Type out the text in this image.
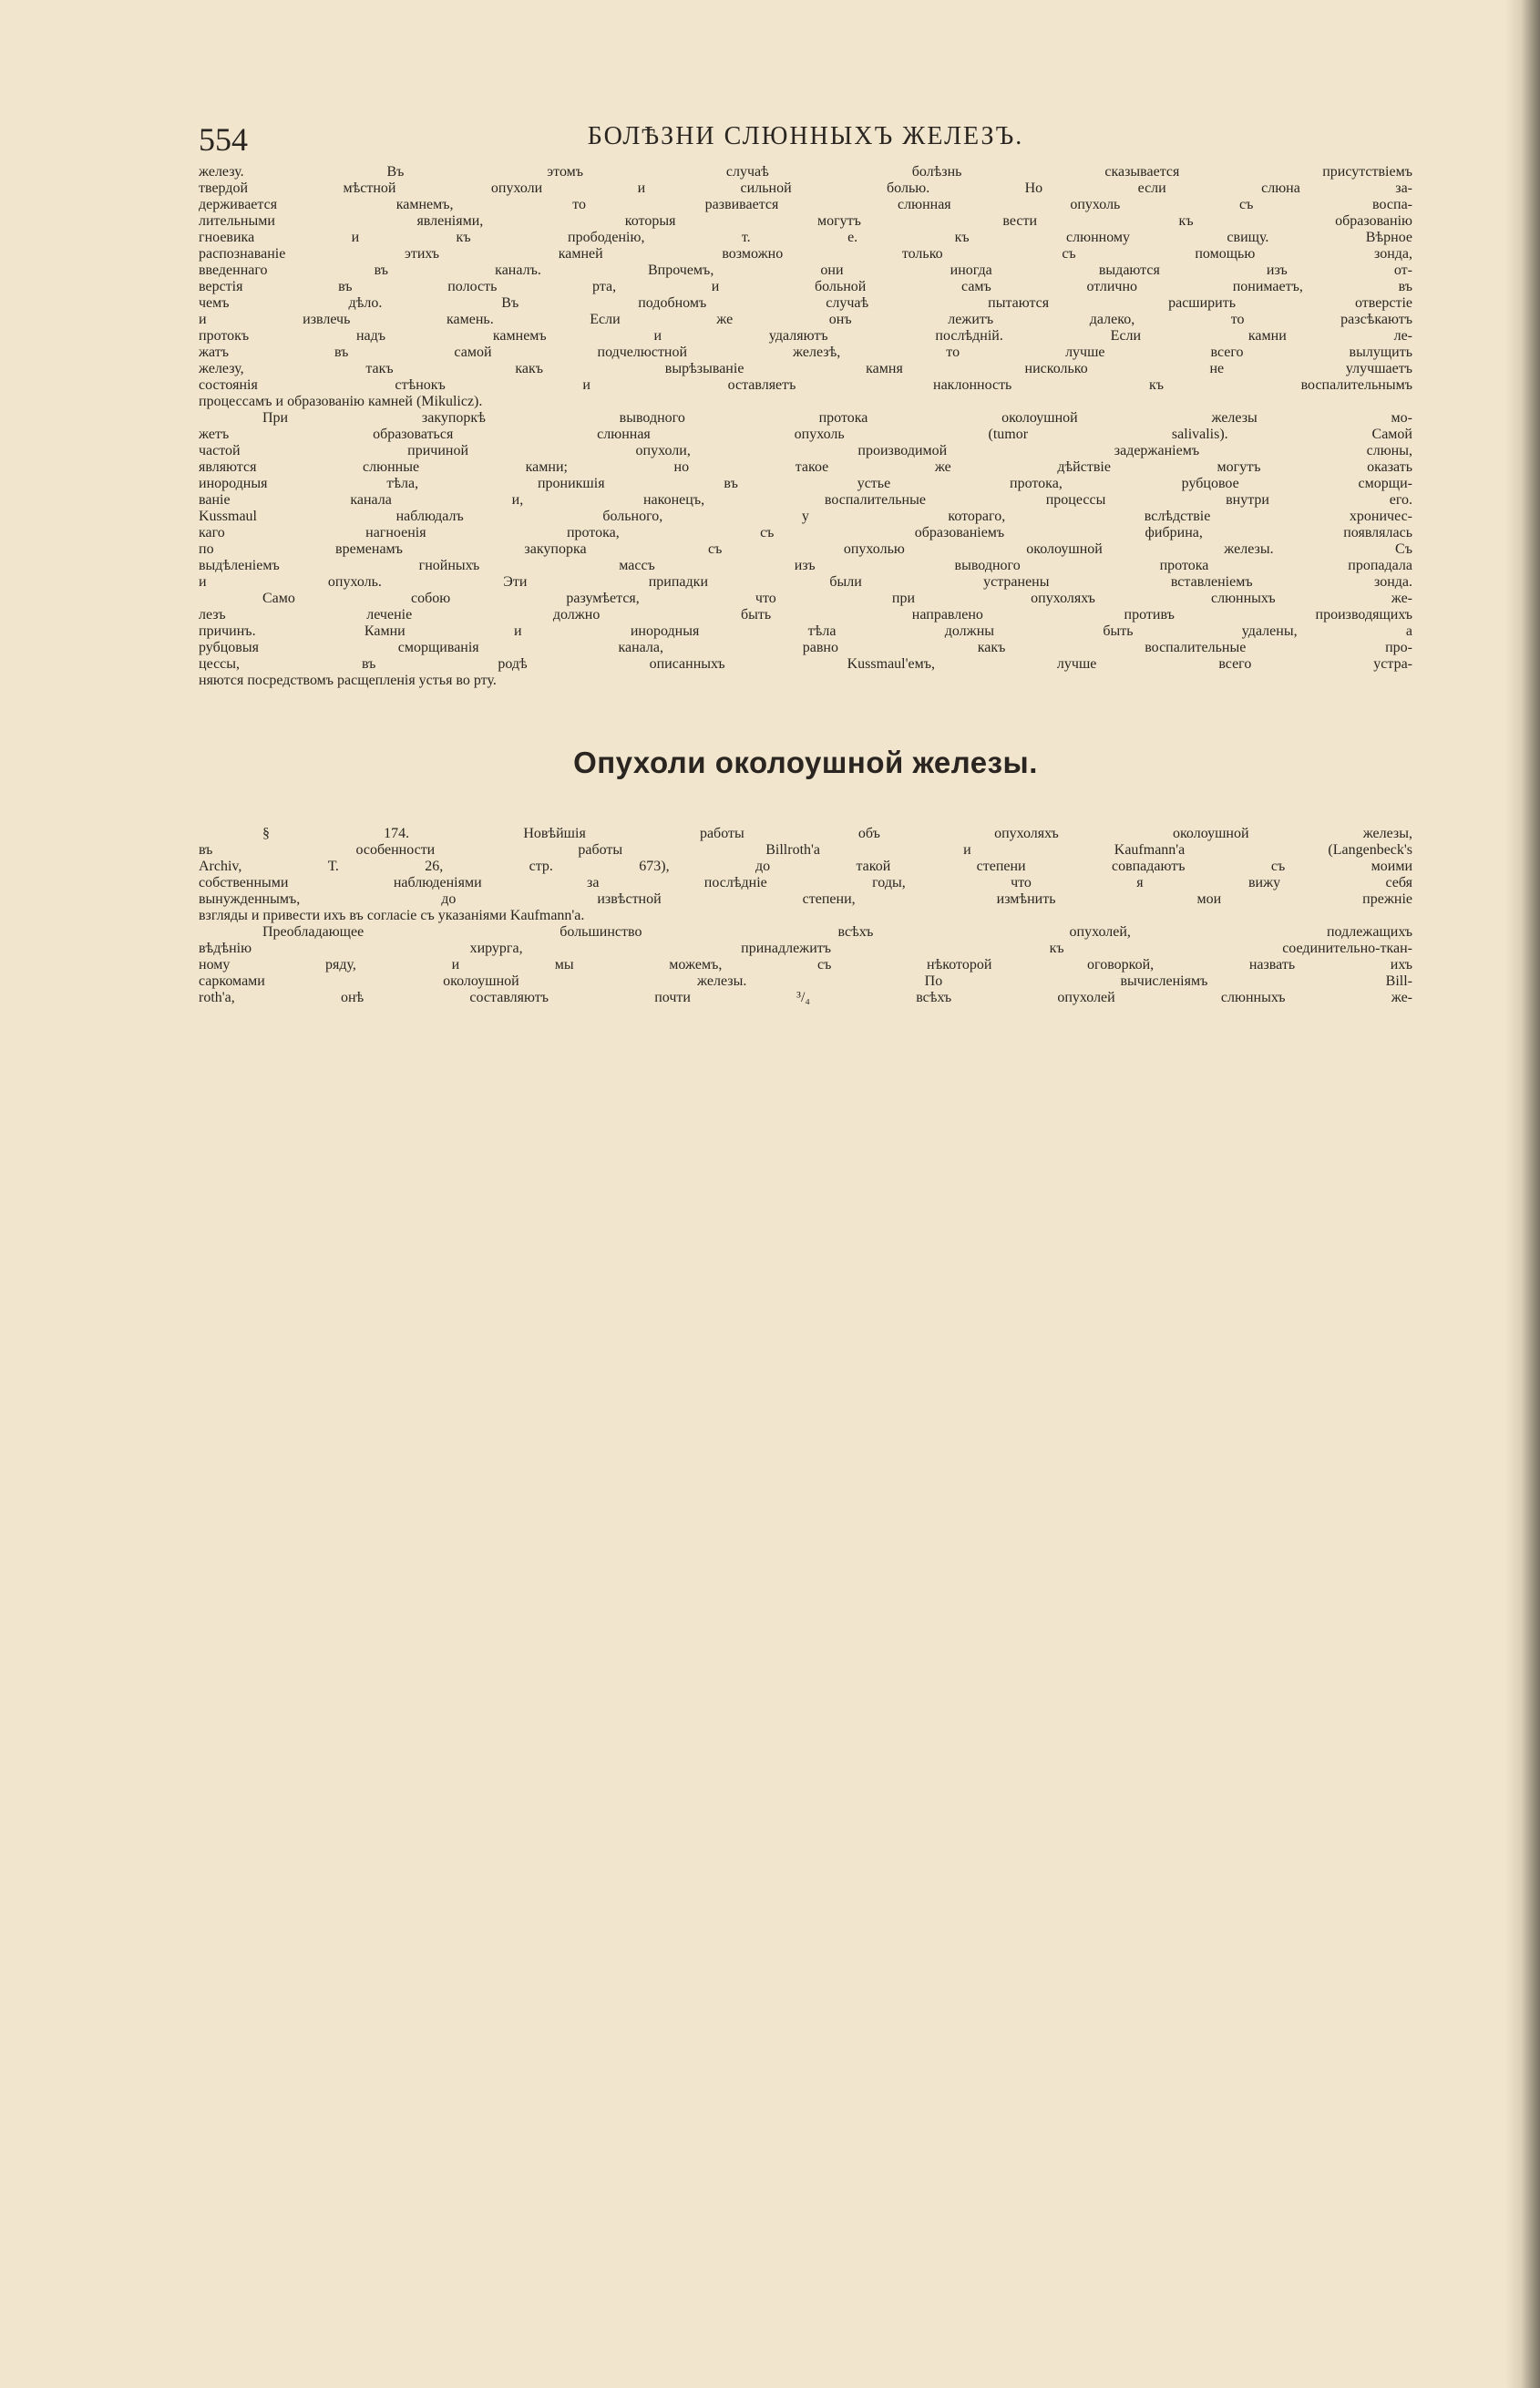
554	БОЛѢЗНИ СЛЮННЫХЪ ЖЕЛЕЗЪ.
железу. Въ этомъ случаѣ болѣзнь сказывается присутствіемъ
твердой мѣстной опухоли и сильной болью. Но если слюна за-
держивается камнемъ, то развивается слюнная опухоль съ воспа-
лительными явленіями, которыя могутъ вести къ образованію
гноевика и къ прободенію, т. е. къ слюнному свищу. Вѣрное
распознаваніе этихъ камней возможно только съ помощью зонда,
введеннаго въ каналъ. Впрочемъ, они иногда выдаются изъ от-
верстія въ полость рта, и больной самъ отлично понимаетъ, въ
чемъ дѣло. Въ подобномъ случаѣ пытаются расширить отверстіе
и извлечь камень. Если же онъ лежитъ далеко, то разсѣкаютъ
протокъ надъ камнемъ и удаляютъ послѣдній. Если камни ле-
жатъ въ самой подчелюстной железѣ, то лучше всего вылущить
железу, такъ какъ вырѣзываніе камня нисколько не улучшаетъ
состоянія стѣнокъ и оставляетъ наклонность къ воспалительнымъ
процессамъ и образованію камней (Mikulicz).
При закупоркѣ выводного протока околоушной железы мо-
жетъ образоваться слюнная опухоль (tumor salivalis). Самой
частой причиной опухоли, производимой задержаніемъ слюны,
являются слюнные камни; но такое же дѣйствіе могутъ оказать
инородныя тѣла, проникшія въ устье протока, рубцовое сморщи-
ваніе канала и, наконецъ, воспалительные процессы внутри его.
Kussmaul наблюдалъ больного, у котораго, вслѣдствіе хроничес-
каго нагноенія протока, съ образованіемъ фибрина, появлялась
по временамъ закупорка съ опухолью околоушной железы. Съ
выдѣленіемъ гнойныхъ массъ изъ выводного протока пропадала
и опухоль. Эти припадки были устранены вставленіемъ зонда.
Само собою разумѣется, что при опухоляхъ слюнныхъ же-
лезъ леченіе должно быть направлено противъ производящихъ
причинъ. Камни и инородныя тѣла должны быть удалены, а
рубцовыя сморщиванія канала, равно какъ воспалительные про-
цессы, въ родѣ описанныхъ Kussmaul'емъ, лучше всего устра-
няются посредствомъ расщепленія устья во рту.
Опухоли околоушной железы.
§ 174. Новѣйшія работы объ опухоляхъ околоушной железы,
въ особенности работы Billroth'а и Kaufmann'а (Langenbeck's
Archiv, Т. 26, стр. 673), до такой степени совпадаютъ съ моими
собственными наблюденіями за послѣдніе годы, что я вижу себя
вынужденнымъ, до извѣстной степени, измѣнить мои прежніе
взгляды и привести ихъ въ согласіе съ указаніями Kaufmann'а.
Преобладающее большинство всѣхъ опухолей, подлежащихъ
вѣдѣнію хирурга, принадлежитъ къ соединительно-ткан-
ному ряду, и мы можемъ, съ нѣкоторой оговоркой, назвать ихъ
саркомами околоушной железы. По вычисленіямъ Bill-
roth'а, онѣ составляютъ почти ³/₄ всѣхъ опухолей слюнныхъ же-
